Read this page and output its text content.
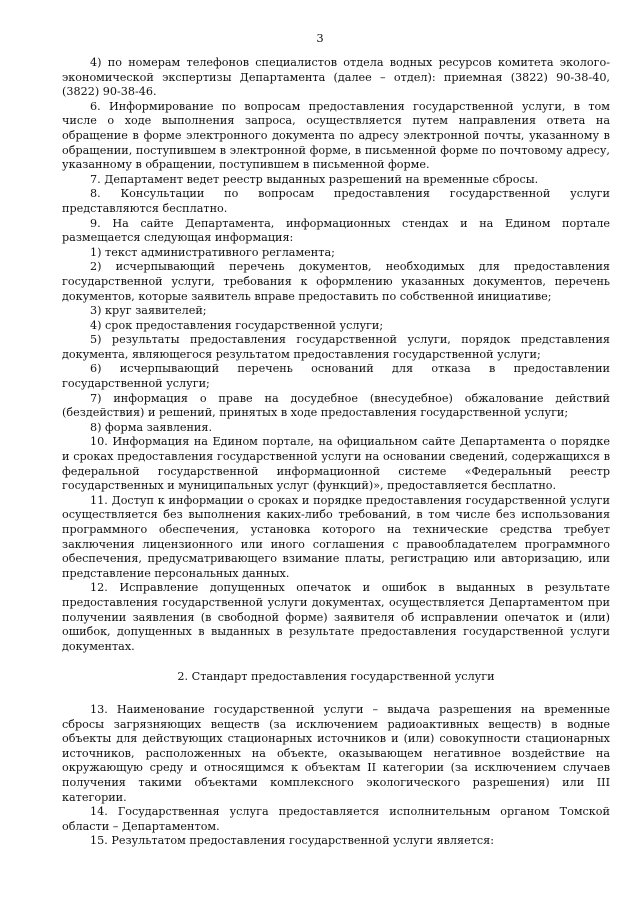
3

4) по номерам телефонов специалистов отдела водных ресурсов комитета эколого-экономической экспертизы Департамента (далее – отдел): приемная (3822) 90-38-40, (3822) 90-38-46.

6. Информирование по вопросам предоставления государственной услуги, в том числе о ходе выполнения запроса, осуществляется путем направления ответа на обращение в форме электронного документа по адресу электронной почты, указанному в обращении, поступившем в электронной форме, в письменной форме по почтовому адресу, указанному в обращении, поступившем в письменной форме.

7. Департамент ведет реестр выданных разрешений на временные сбросы.

8. Консультации по вопросам предоставления государственной услуги представляются бесплатно.

9. На сайте Департамента, информационных стендах и на Едином портале размещается следующая информация:

1) текст административного регламента;

2) исчерпывающий перечень документов, необходимых для предоставления государственной услуги, требования к оформлению указанных документов, перечень документов, которые заявитель вправе предоставить по собственной инициативе;

3) круг заявителей;

4) срок предоставления государственной услуги;

5) результаты предоставления государственной услуги, порядок представления документа, являющегося результатом предоставления государственной услуги;

6) исчерпывающий перечень оснований для отказа в предоставлении государственной услуги;

7) информация о праве на досудебное (внесудебное) обжалование действий (бездействия) и решений, принятых в ходе предоставления государственной услуги;

8) форма заявления.

10. Информация на Едином портале, на официальном сайте Департамента о порядке и сроках предоставления государственной услуги на основании сведений, содержащихся в федеральной государственной информационной системе «Федеральный реестр государственных и муниципальных услуг (функций)», предоставляется бесплатно.

11. Доступ к информации о сроках и порядке предоставления государственной услуги осуществляется без выполнения каких-либо требований, в том числе без использования программного обеспечения, установка которого на технические средства требует заключения лицензионного или иного соглашения с правообладателем программного обеспечения, предусматривающего взимание платы, регистрацию или авторизацию, или представление персональных данных.

12. Исправление допущенных опечаток и ошибок в выданных в результате предоставления государственной услуги документах, осуществляется Департаментом при получении заявления (в свободной форме) заявителя об исправлении опечаток и (или) ошибок, допущенных в выданных в результате предоставления государственной услуги документах.

2. Стандарт предоставления государственной услуги

13. Наименование государственной услуги – выдача разрешения на временные сбросы загрязняющих веществ (за исключением радиоактивных веществ) в водные объекты для действующих стационарных источников и (или) совокупности стационарных источников, расположенных на объекте, оказывающем негативное воздействие на окружающую среду и относящимся к объектам II категории (за исключением случаев получения такими объектами комплексного экологического разрешения) или III категории.

14. Государственная услуга предоставляется исполнительным органом Томской области – Департаментом.

15. Результатом предоставления государственной услуги является:
